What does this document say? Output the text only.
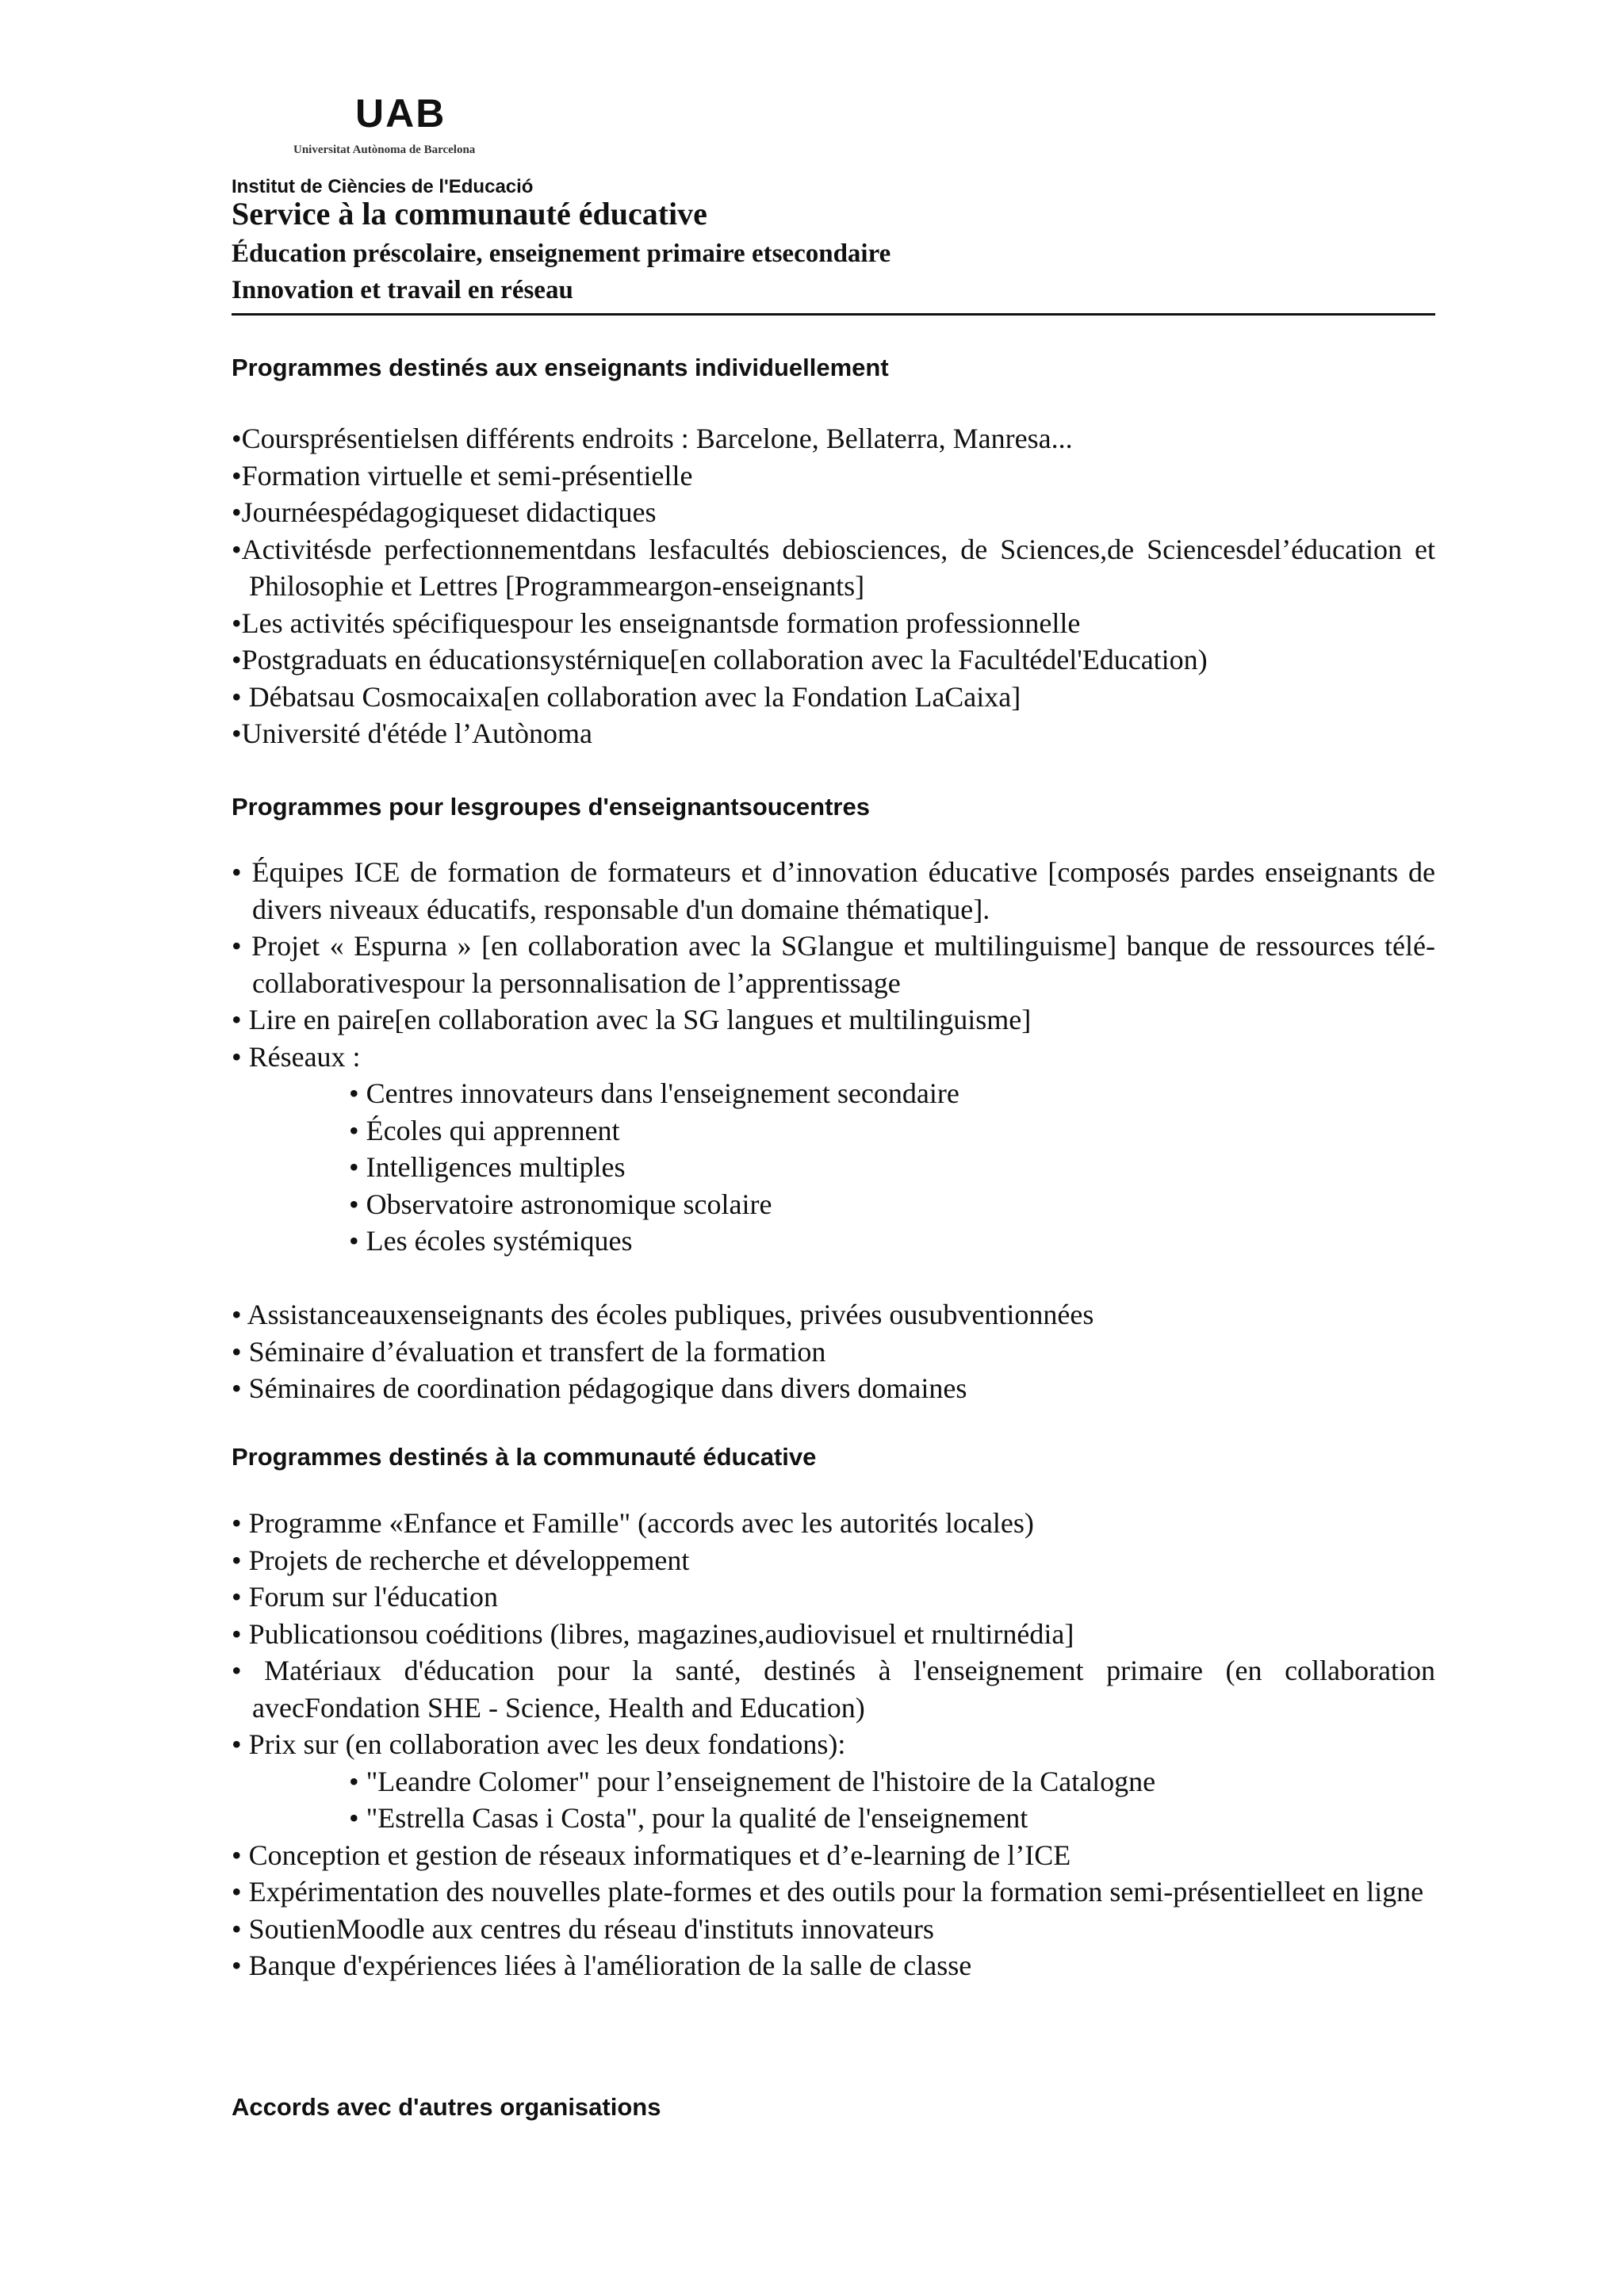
UAB
Universitat Autònoma de Barcelona
Institut de Ciències de l'Educació
Service à la communauté éducative
Éducation préscolaire, enseignement primaire etsecondaire
Innovation et travail en réseau
Programmes destinés aux enseignants individuellement
•Coursprésentielsen différents endroits : Barcelone, Bellaterra, Manresa...
•Formation virtuelle et semi-présentielle
•Journéespédagogiqueset didactiques
•Activitésde perfectionnementdans lesfacultés debiosciences, de Sciences,de Sciencesdel’éducation et Philosophie et Lettres [Programmeargon-enseignants]
•Les activités spécifiquespour les enseignantsde formation professionnelle
•Postgraduats en éducationsystérnique[en collaboration avec la Facultédel'Education)
• Débatsau Cosmocaixa[en collaboration avec la Fondation LaCaixa]
•Université d'étéde l’Autònoma
Programmes pour lesgroupes d'enseignantsoucentres
• Équipes ICE de formation de formateurs et d’innovation éducative [composés pardes enseignants de divers niveaux éducatifs, responsable d'un domaine thématique].
• Projet « Espurna » [en collaboration avec la SGlangue et multilinguisme] banque de ressources télé-collaborativespour la personnalisation de l’apprentissage
• Lire en paire[en collaboration avec la SG langues et multilinguisme]
• Réseaux :
• Centres innovateurs dans l'enseignement secondaire
• Écoles qui apprennent
• Intelligences multiples
• Observatoire astronomique scolaire
• Les écoles systémiques
• Assistanceauxenseignants des écoles publiques, privées ousubventionnées
• Séminaire d’évaluation et transfert de la formation
• Séminaires de coordination pédagogique dans divers domaines
Programmes destinés à la communauté éducative
• Programme «Enfance et Famille" (accords avec les autorités locales)
• Projets de recherche et développement
• Forum sur l'éducation
• Publicationsou coéditions (libres, magazines,audiovisuel et rnultirnédia]
• Matériaux d'éducation pour la santé, destinés à l'enseignement primaire (en collaboration avecFondation SHE - Science, Health and Education)
• Prix sur (en collaboration avec les deux fondations):
• "Leandre Colomer" pour l’enseignement de l'histoire de la Catalogne
• "Estrella Casas i Costa", pour la qualité de l'enseignement
• Conception et gestion de réseaux informatiques et d’e-learning de l’ICE
• Expérimentation des nouvelles plate-formes et des outils pour la formation semi-présentielleet en ligne
• SoutienMoodle aux centres du réseau d'instituts innovateurs
• Banque d'expériences liées à l'amélioration de la salle de classe
Accords avec d'autres organisations
